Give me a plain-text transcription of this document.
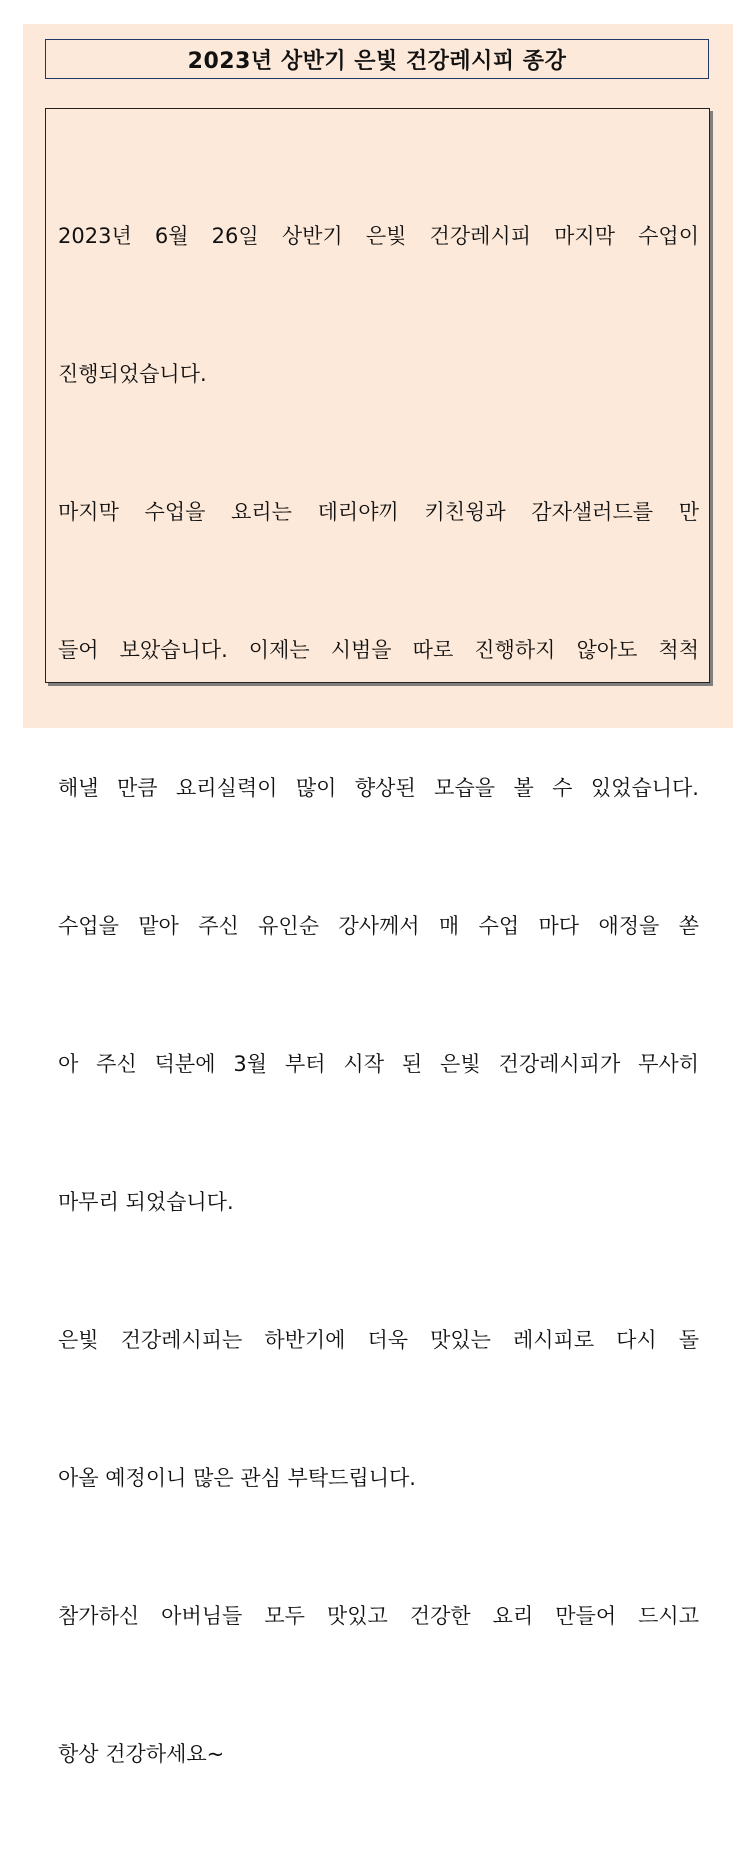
2023년 상반기 은빛 건강레시피 종강

2023년 6월 26일 상반기 은빛 건강레시피 마지막 수업이

진행되었습니다.

마지막 수업을 요리는 데리야끼 키친윙과 감자샐러드를 만

들어 보았습니다. 이제는 시범을 따로 진행하지 않아도 척척

해낼 만큼 요리실력이 많이 향상된 모습을 볼 수 있었습니다.

수업을 맡아 주신 유인순 강사께서 매 수업 마다 애정을 쏟

아 주신 덕분에 3월 부터 시작 된 은빛 건강레시피가 무사히

마무리 되었습니다.

은빛 건강레시피는 하반기에 더욱 맛있는 레시피로 다시 돌

아올 예정이니 많은 관심 부탁드립니다.

참가하신 아버님들 모두 맛있고 건강한 요리 만들어 드시고

항상 건강하세요~
